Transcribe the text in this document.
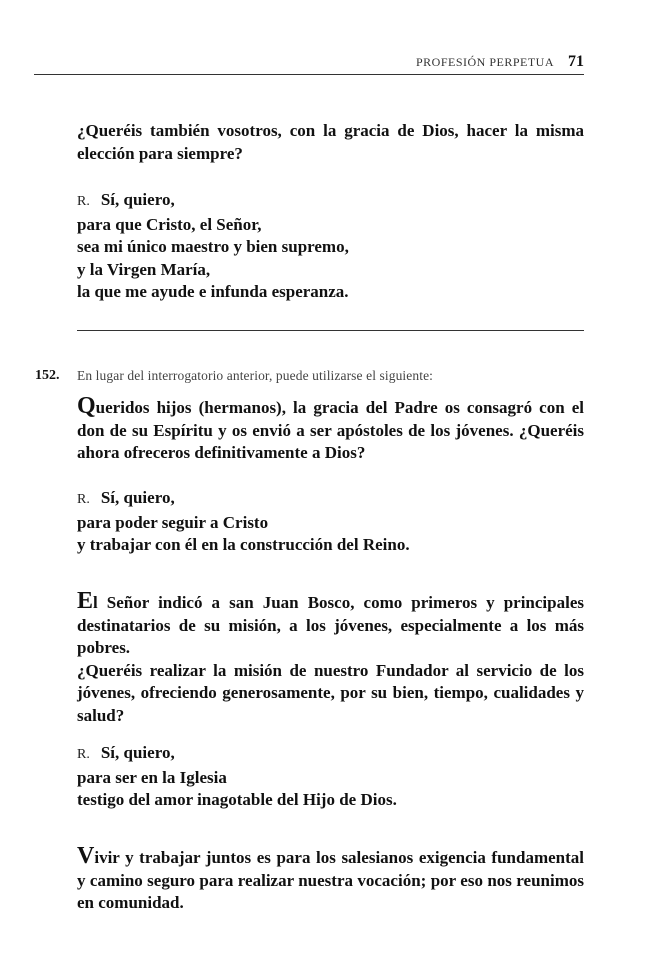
PROFESIÓN PERPETUA 71
¿Queréis también vosotros, con la gracia de Dios, hacer la misma elección para siempre?
R. Sí, quiero,
para que Cristo, el Señor,
sea mi único maestro y bien supremo,
y la Virgen María,
la que me ayude e infunda esperanza.
152. En lugar del interrogatorio anterior, puede utilizarse el siguiente:
Queridos hijos (hermanos), la gracia del Padre os consagró con el don de su Espíritu y os envió a ser apóstoles de los jóvenes. ¿Queréis ahora ofreceros definitivamente a Dios?
R. Sí, quiero,
para poder seguir a Cristo
y trabajar con él en la construcción del Reino.
El Señor indicó a san Juan Bosco, como primeros y principales destinatarios de su misión, a los jóvenes, especialmente a los más pobres.
¿Queréis realizar la misión de nuestro Fundador al servicio de los jóvenes, ofreciendo generosamente, por su bien, tiempo, cualidades y salud?
R. Sí, quiero,
para ser en la Iglesia
testigo del amor inagotable del Hijo de Dios.
Vivir y trabajar juntos es para los salesianos exigencia fundamental y camino seguro para realizar nuestra vocación; por eso nos reunimos en comunidad.
